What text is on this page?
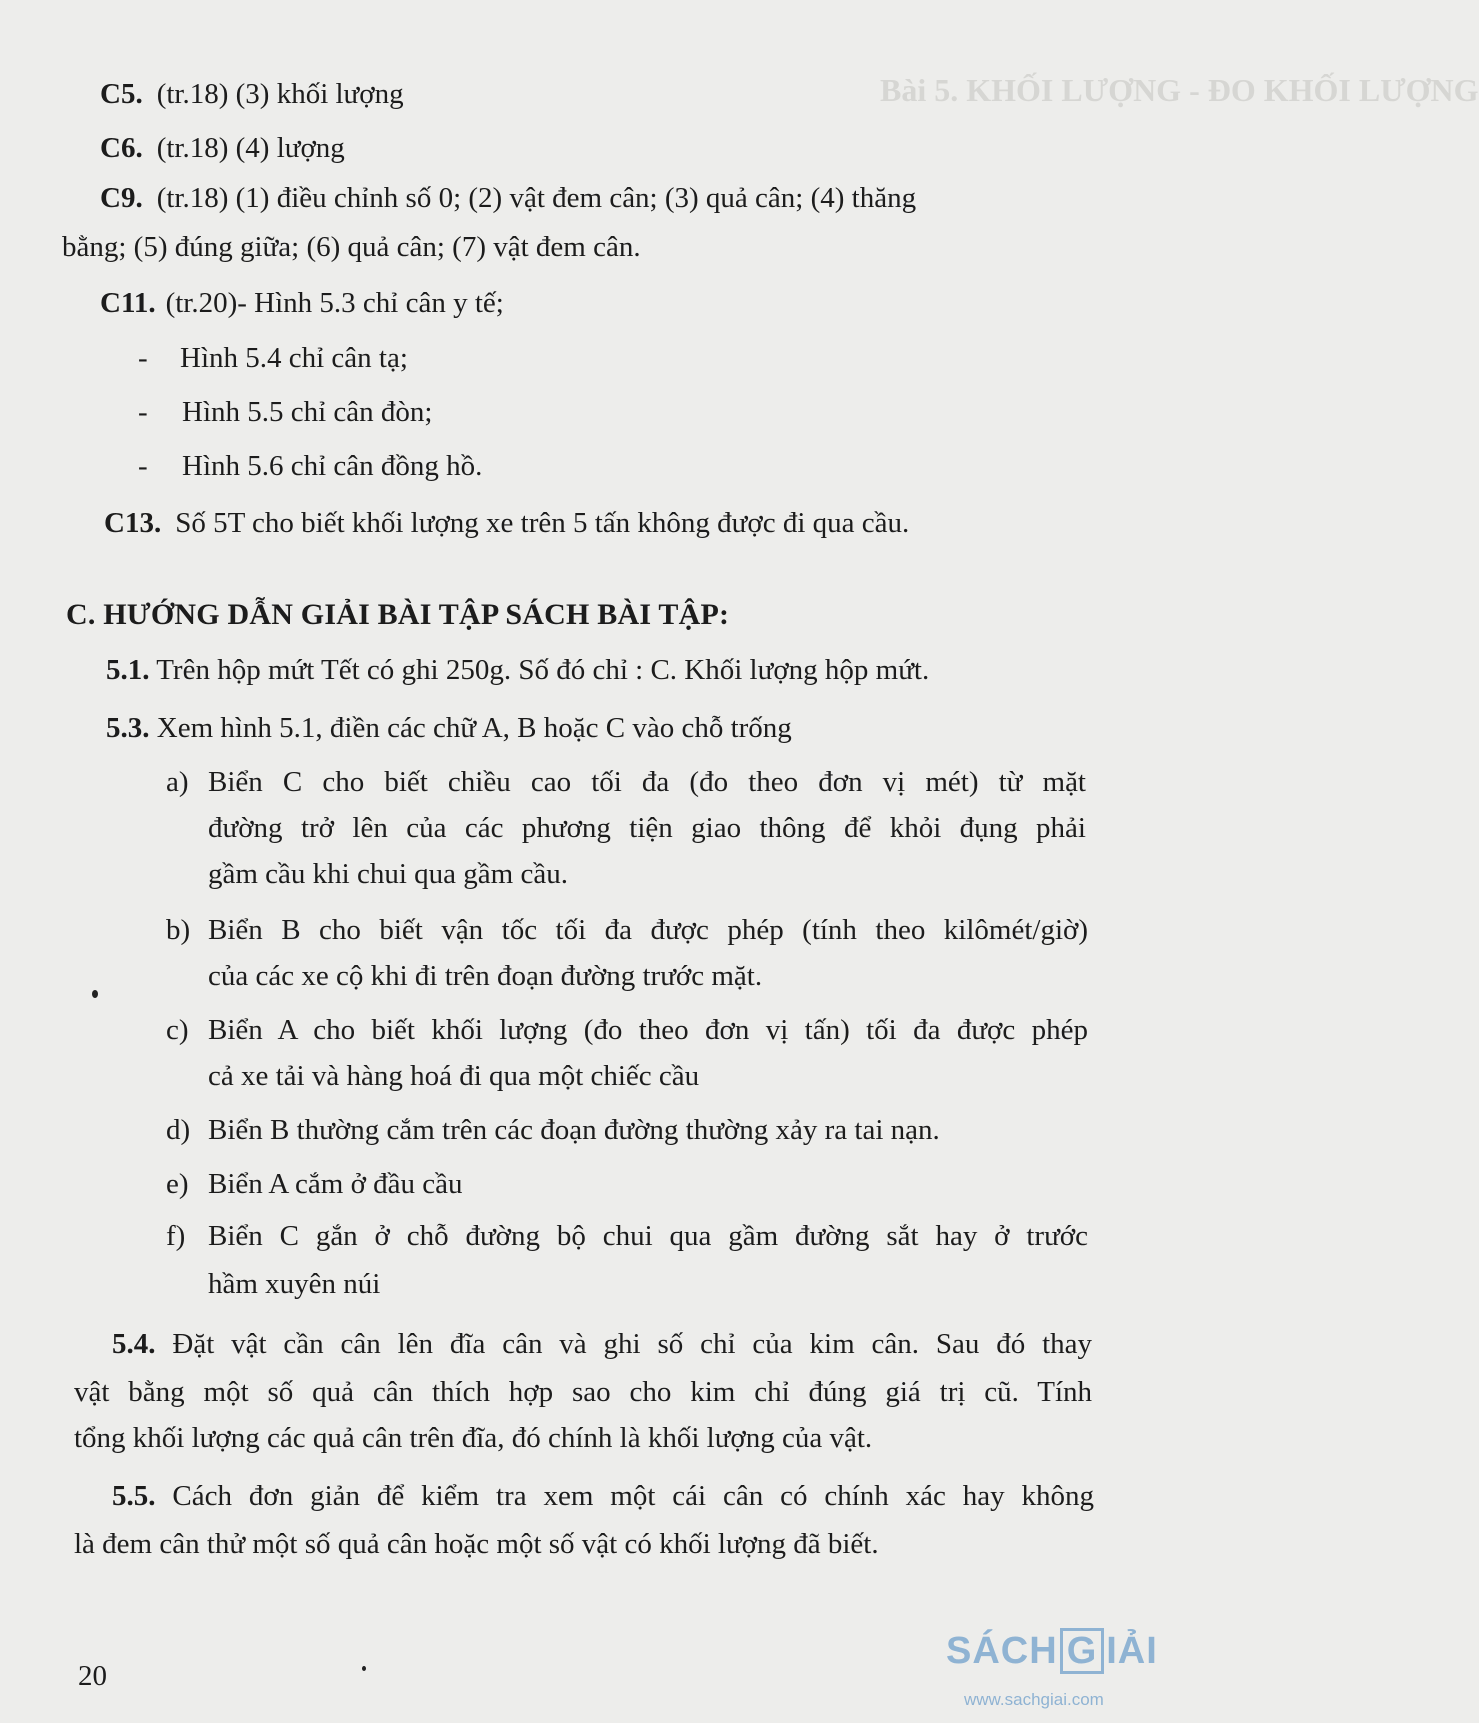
Bài 5. KHỐI LƯỢNG - ĐO KHỐI LƯỢNG
C5. (tr.18) (3) khối lượng
C6. (tr.18) (4) lượng
C9. (tr.18) (1) điều chỉnh số 0; (2) vật đem cân; (3) quả cân; (4) thăng
bằng; (5) đúng giữa; (6) quả cân; (7) vật đem cân.
C11. (tr.20)- Hình 5.3 chỉ cân y tế;
- Hình 5.4 chỉ cân tạ;
- Hình 5.5 chỉ cân đòn;
- Hình 5.6 chỉ cân đồng hồ.
C13. Số 5T cho biết khối lượng xe trên 5 tấn không được đi qua cầu.
C. HƯỚNG DẪN GIẢI BÀI TẬP SÁCH BÀI TẬP:
5.1. Trên hộp mứt Tết có ghi 250g. Số đó chỉ : C. Khối lượng hộp mứt.
5.3. Xem hình 5.1, điền các chữ A, B hoặc C vào chỗ trống
a) Biển C cho biết chiều cao tối đa (đo theo đơn vị mét) từ mặt
đường trở lên của các phương tiện giao thông để khỏi đụng phải
gầm cầu khi chui qua gầm cầu.
b) Biển B cho biết vận tốc tối đa được phép (tính theo kilômét/giờ)
của các xe cộ khi đi trên đoạn đường trước mặt.
c) Biển A cho biết khối lượng (đo theo đơn vị tấn) tối đa được phép
cả xe tải và hàng hoá đi qua một chiếc cầu
d) Biển B thường cắm trên các đoạn đường thường xảy ra tai nạn.
e) Biển A cắm ở đầu cầu
f) Biển C gắn ở chỗ đường bộ chui qua gầm đường sắt hay ở trước
hầm xuyên núi
5.4. Đặt vật cần cân lên đĩa cân và ghi số chỉ của kim cân. Sau đó thay
vật bằng một số quả cân thích hợp sao cho kim chỉ đúng giá trị cũ. Tính
tổng khối lượng các quả cân trên đĩa, đó chính là khối lượng của vật.
5.5. Cách đơn giản để kiểm tra xem một cái cân có chính xác hay không
là đem cân thử một số quả cân hoặc một số vật có khối lượng đã biết.
20
SÁCH G IẢI
www.sachgiai.com
